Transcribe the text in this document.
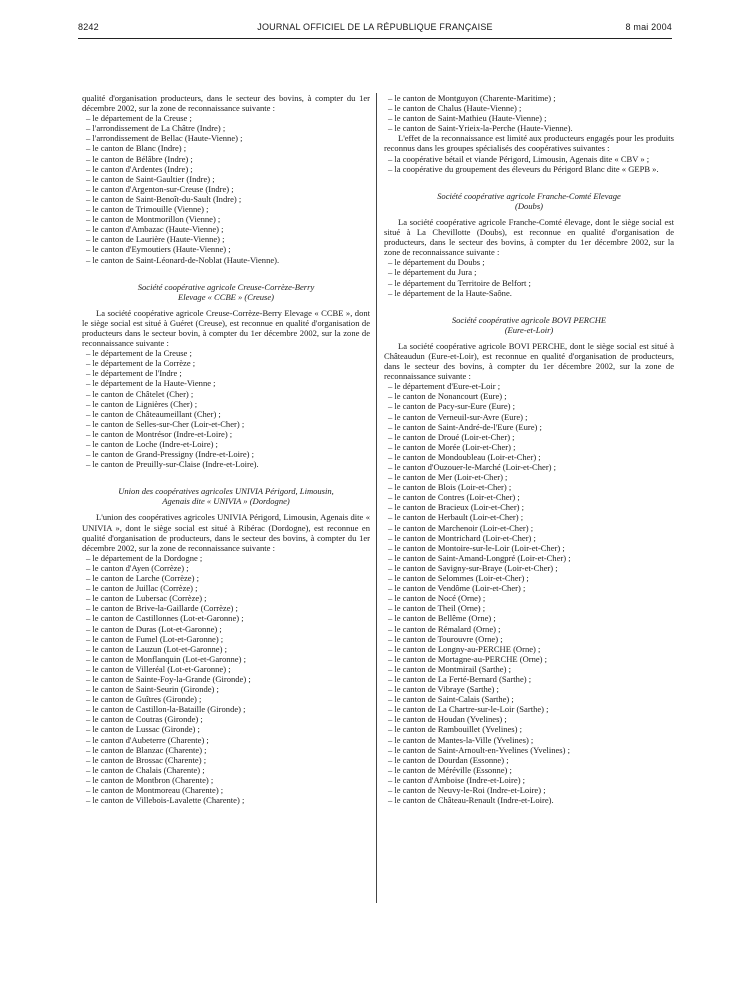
8242	JOURNAL OFFICIEL DE LA RÉPUBLIQUE FRANÇAISE	8 mai 2004

qualité d'organisation producteurs, dans le secteur des bovins, à compter du 1er décembre 2002, sur la zone de reconnaissance suivante :

– le département de la Creuse ;
– l'arrondissement de La Châtre (Indre) ;
– l'arrondissement de Bellac (Haute-Vienne) ;
– le canton de Blanc (Indre) ;
– le canton de Bélâbre (Indre) ;
– le canton d'Ardentes (Indre) ;
– le canton de Saint-Gaultier (Indre) ;
– le canton d'Argenton-sur-Creuse (Indre) ;
– le canton de Saint-Benoît-du-Sault (Indre) ;
– le canton de Trimouille (Vienne) ;
– le canton de Montmorillon (Vienne) ;
– le canton d'Ambazac (Haute-Vienne) ;
– le canton de Laurière (Haute-Vienne) ;
– le canton d'Eymoutiers (Haute-Vienne) ;
– le canton de Saint-Léonard-de-Noblat (Haute-Vienne).

Société coopérative agricole Creuse-Corrèze-Berry
Elevage « CCBE » (Creuse)

La société coopérative agricole Creuse-Corrèze-Berry Elevage « CCBE », dont le siège social est situé à Guéret (Creuse), est reconnue en qualité d'organisation de producteurs dans le secteur bovin, à compter du 1er décembre 2002, sur la zone de reconnaissance suivante :

– le département de la Creuse ;
– le département de la Corrèze ;
– le département de l'Indre ;
– le département de la Haute-Vienne ;
– le canton de Châtelet (Cher) ;
– le canton de Lignières (Cher) ;
– le canton de Châteaumeillant (Cher) ;
– le canton de Selles-sur-Cher (Loir-et-Cher) ;
– le canton de Montrésor (Indre-et-Loire) ;
– le canton de Loche (Indre-et-Loire) ;
– le canton de Grand-Pressigny (Indre-et-Loire) ;
– le canton de Preuilly-sur-Claise (Indre-et-Loire).

Union des coopératives agricoles UNIVIA Périgord, Limousin,
Agenais dite « UNIVIA » (Dordogne)

L'union des coopératives agricoles UNIVIA Périgord, Limousin, Agenais dite « UNIVIA », dont le siège social est situé à Ribérac (Dordogne), est reconnue en qualité d'organisation de producteurs, dans le secteur des bovins, à compter du 1er décembre 2002, sur la zone de reconnaissance suivante :

– le département de la Dordogne ;
– le canton d'Ayen (Corrèze) ;
– le canton de Larche (Corrèze) ;
– le canton de Juillac (Corrèze) ;
– le canton de Lubersac (Corrèze) ;
– le canton de Brive-la-Gaillarde (Corrèze) ;
– le canton de Castillonnes (Lot-et-Garonne) ;
– le canton de Duras (Lot-et-Garonne) ;
– le canton de Fumel (Lot-et-Garonne) ;
– le canton de Lauzun (Lot-et-Garonne) ;
– le canton de Monflanquin (Lot-et-Garonne) ;
– le canton de Villeréal (Lot-et-Garonne) ;
– le canton de Sainte-Foy-la-Grande (Gironde) ;
– le canton de Saint-Seurin (Gironde) ;
– le canton de Guîtres (Gironde) ;
– le canton de Castillon-la-Bataille (Gironde) ;
– le canton de Coutras (Gironde) ;
– le canton de Lussac (Gironde) ;
– le canton d'Aubeterre (Charente) ;
– le canton de Blanzac (Charente) ;
– le canton de Brossac (Charente) ;
– le canton de Chalais (Charente) ;
– le canton de Montbron (Charente) ;
– le canton de Montmoreau (Charente) ;
– le canton de Villebois-Lavalette (Charente) ;
– le canton de Montguyon (Charente-Maritime) ;
– le canton de Chalus (Haute-Vienne) ;
– le canton de Saint-Mathieu (Haute-Vienne) ;
– le canton de Saint-Yrieix-la-Perche (Haute-Vienne).

L'effet de la reconnaissance est limité aux producteurs engagés pour les produits reconnus dans les groupes spécialisés des coopératives suivantes :

– la coopérative bétail et viande Périgord, Limousin, Agenais dite « CBV » ;
– la coopérative du groupement des éleveurs du Périgord Blanc dite « GEPB ».

Société coopérative agricole Franche-Comté Elevage
(Doubs)

La société coopérative agricole Franche-Comté élevage, dont le siège social est situé à La Chevillotte (Doubs), est reconnue en qualité d'organisation de producteurs, dans le secteur des bovins, à compter du 1er décembre 2002, sur la zone de reconnaissance suivante :

– le département du Doubs ;
– le département du Jura ;
– le département du Territoire de Belfort ;
– le département de la Haute-Saône.

Société coopérative agricole BOVI PERCHE
(Eure-et-Loir)

La société coopérative agricole BOVI PERCHE, dont le siège social est situé à Châteaudun (Eure-et-Loir), est reconnue en qualité d'organisation de producteurs, dans le secteur des bovins, à compter du 1er décembre 2002, sur la zone de reconnaissance suivante :

– le département d'Eure-et-Loir ;
– le canton de Nonancourt (Eure) ;
– le canton de Pacy-sur-Eure (Eure) ;
– le canton de Verneuil-sur-Avre (Eure) ;
– le canton de Saint-André-de-l'Eure (Eure) ;
– le canton de Droué (Loir-et-Cher) ;
– le canton de Morée (Loir-et-Cher) ;
– le canton de Mondoubleau (Loir-et-Cher) ;
– le canton d'Ouzouer-le-Marché (Loir-et-Cher) ;
– le canton de Mer (Loir-et-Cher) ;
– le canton de Blois (Loir-et-Cher) ;
– le canton de Contres (Loir-et-Cher) ;
– le canton de Bracieux (Loir-et-Cher) ;
– le canton de Herbault (Loir-et-Cher) ;
– le canton de Marchenoir (Loir-et-Cher) ;
– le canton de Montrichard (Loir-et-Cher) ;
– le canton de Montoire-sur-le-Loir (Loir-et-Cher) ;
– le canton de Saint-Amand-Longpré (Loir-et-Cher) ;
– le canton de Savigny-sur-Braye (Loir-et-Cher) ;
– le canton de Selommes (Loir-et-Cher) ;
– le canton de Vendôme (Loir-et-Cher) ;
– le canton de Nocé (Orne) ;
– le canton de Theil (Orne) ;
– le canton de Bellême (Orne) ;
– le canton de Rémalard (Orne) ;
– le canton de Tourouvre (Orne) ;
– le canton de Longny-au-PERCHE (Orne) ;
– le canton de Mortagne-au-PERCHE (Orne) ;
– le canton de Montmirail (Sarthe) ;
– le canton de La Ferté-Bernard (Sarthe) ;
– le canton de Vibraye (Sarthe) ;
– le canton de Saint-Calais (Sarthe) ;
– le canton de La Chartre-sur-le-Loir (Sarthe) ;
– le canton de Houdan (Yvelines) ;
– le canton de Rambouillet (Yvelines) ;
– le canton de Mantes-la-Ville (Yvelines) ;
– le canton de Saint-Arnoult-en-Yvelines (Yvelines) ;
– le canton de Dourdan (Essonne) ;
– le canton de Méréville (Essonne) ;
– le canton d'Amboise (Indre-et-Loire) ;
– le canton de Neuvy-le-Roi (Indre-et-Loire) ;
– le canton de Château-Renault (Indre-et-Loire).
